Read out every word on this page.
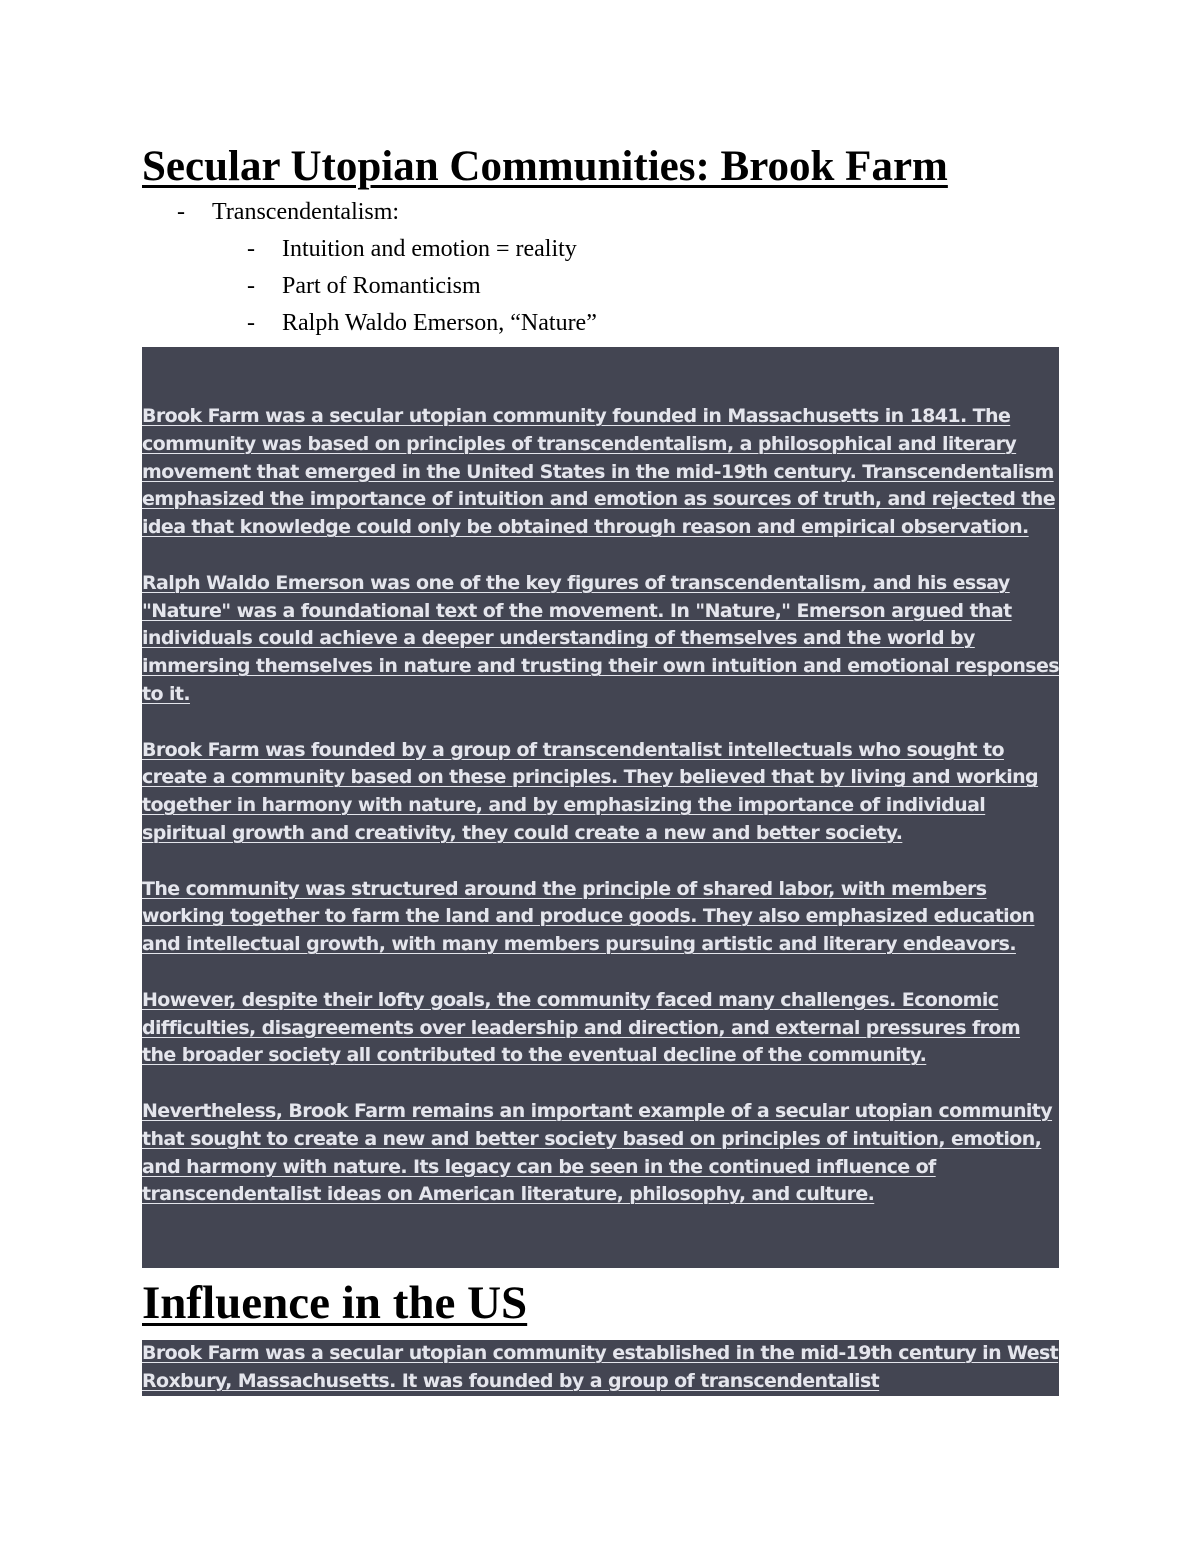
Secular Utopian Communities: Brook Farm
- Transcendentalism:
- Intuition and emotion = reality
- Part of Romanticism
- Ralph Waldo Emerson, “Nature”

Brook Farm was a secular utopian community founded in Massachusetts in 1841. The community was based on principles of transcendentalism, a philosophical and literary movement that emerged in the United States in the mid-19th century. Transcendentalism emphasized the importance of intuition and emotion as sources of truth, and rejected the idea that knowledge could only be obtained through reason and empirical observation.

Ralph Waldo Emerson was one of the key figures of transcendentalism, and his essay "Nature" was a foundational text of the movement. In "Nature," Emerson argued that individuals could achieve a deeper understanding of themselves and the world by immersing themselves in nature and trusting their own intuition and emotional responses to it.

Brook Farm was founded by a group of transcendentalist intellectuals who sought to create a community based on these principles. They believed that by living and working together in harmony with nature, and by emphasizing the importance of individual spiritual growth and creativity, they could create a new and better society.

The community was structured around the principle of shared labor, with members working together to farm the land and produce goods. They also emphasized education and intellectual growth, with many members pursuing artistic and literary endeavors.

However, despite their lofty goals, the community faced many challenges. Economic difficulties, disagreements over leadership and direction, and external pressures from the broader society all contributed to the eventual decline of the community.

Nevertheless, Brook Farm remains an important example of a secular utopian community that sought to create a new and better society based on principles of intuition, emotion, and harmony with nature. Its legacy can be seen in the continued influence of transcendentalist ideas on American literature, philosophy, and culture.

Influence in the US

Brook Farm was a secular utopian community established in the mid-19th century in West Roxbury, Massachusetts. It was founded by a group of transcendentalist
